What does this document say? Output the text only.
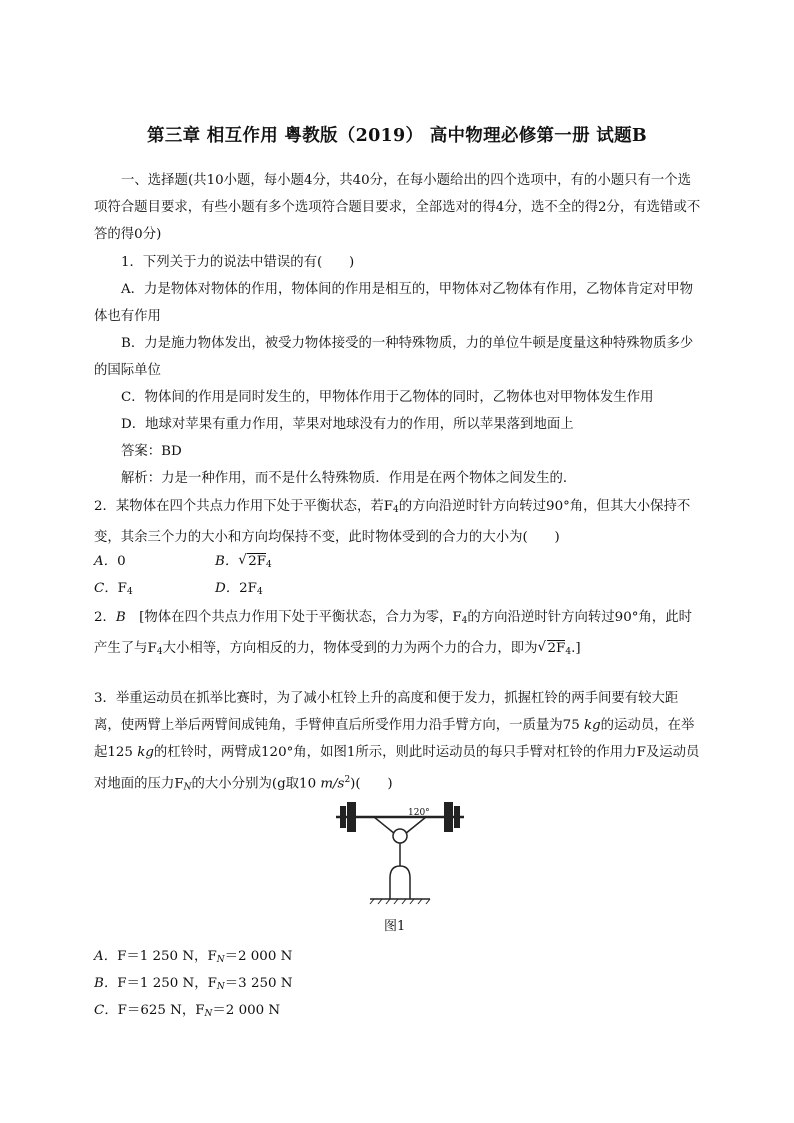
第三章 相互作用 粤教版（2019） 高中物理必修第一册 试题B
一、选择题(共10小题，每小题4分，共40分，在每小题给出的四个选项中，有的小题只有一个选项符合题目要求，有些小题有多个选项符合题目要求，全部选对的得4分，选不全的得2分，有选错或不答的得0分)
1．下列关于力的说法中错误的有(　　)
A．力是物体对物体的作用，物体间的作用是相互的，甲物体对乙物体有作用，乙物体肯定对甲物体也有作用
B．力是施力物体发出，被受力物体接受的一种特殊物质，力的单位牛顿是度量这种特殊物质多少的国际单位
C．物体间的作用是同时发生的，甲物体作用于乙物体的同时，乙物体也对甲物体发生作用
D．地球对苹果有重力作用，苹果对地球没有力的作用，所以苹果落到地面上
答案：BD
解析：力是一种作用，而不是什么特殊物质．作用是在两个物体之间发生的．
2．某物体在四个共点力作用下处于平衡状态，若$F_4$的方向沿逆时针方向转过90°角，但其大小保持不变，其余三个力的大小和方向均保持不变，此时物体受到的合力的大小为(　　)
A．0	B． √ $2F_4$
C．$F_4$	D．$2F_4$
2．B　[物体在四个共点力作用下处于平衡状态，合力为零，$F_4$的方向沿逆时针方向转过90°角，此时产生了与$F_4$大小相等，方向相反的力，物体受到的力为两个力的合力，即为 √ $2F_4$.]
3．举重运动员在抓举比赛时，为了减小杠铃上升的高度和便于发力，抓握杠铃的两手间要有较大距离，使两臂上举后两臂间成钝角，手臂伸直后所受作用力沿手臂方向，一质量为75 kg的运动员，在举起125 kg的杠铃时，两臂成120°角，如图1所示，则此时运动员的每只手臂对杠铃的作用力F及运动员对地面的压力$F_N$的大小分别为(g取10 $m/s^2$)(　　)
120°
图1
A．F＝1 250 N，$F_N=2$ 000 N
B．F＝1 250 N，$F_N=3$ 250 N
C．F＝625 N，$F_N=2$ 000 N
